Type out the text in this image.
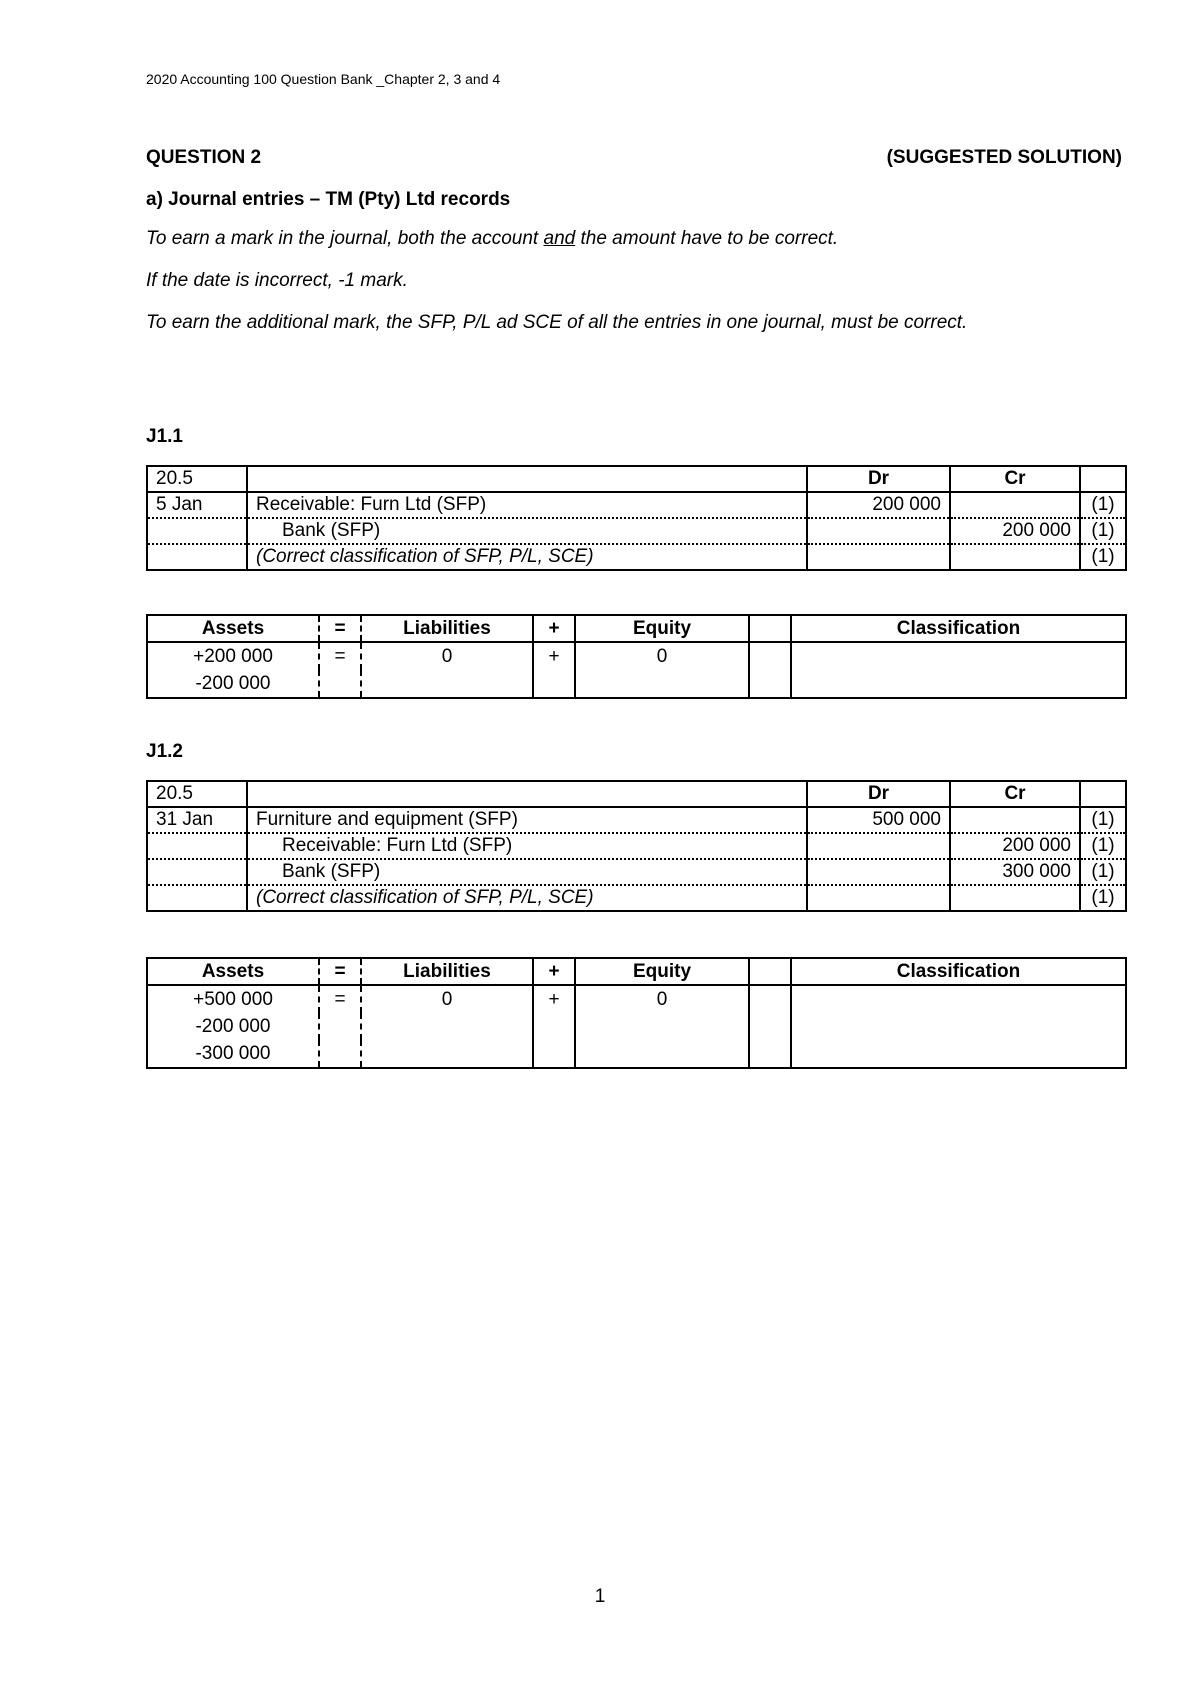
2020 Accounting 100 Question Bank _Chapter 2, 3 and 4
QUESTION 2	(SUGGESTED SOLUTION)
a) Journal entries – TM (Pty) Ltd records
To earn a mark in the journal, both the account and the amount have to be correct.
If the date is incorrect, -1 mark.
To earn the additional mark, the SFP, P/L ad SCE of all the entries in one journal, must be correct.
J1.1
20.5		Dr	Cr	
5 Jan	Receivable: Furn Ltd (SFP)	200 000		(1)
	Bank (SFP)		200 000	(1)
	(Correct classification of SFP, P/L, SCE)			(1)
Assets	=	Liabilities	+	Equity		Classification
+200 000	=	0	+	0		
-200 000						
J1.2
20.5		Dr	Cr	
31 Jan	Furniture and equipment (SFP)	500 000		(1)
	Receivable: Furn Ltd (SFP)		200 000	(1)
	Bank (SFP)		300 000	(1)
	(Correct classification of SFP, P/L, SCE)			(1)
Assets	=	Liabilities	+	Equity		Classification
+500 000	=	0	+	0		
-200 000						
-300 000						
1
